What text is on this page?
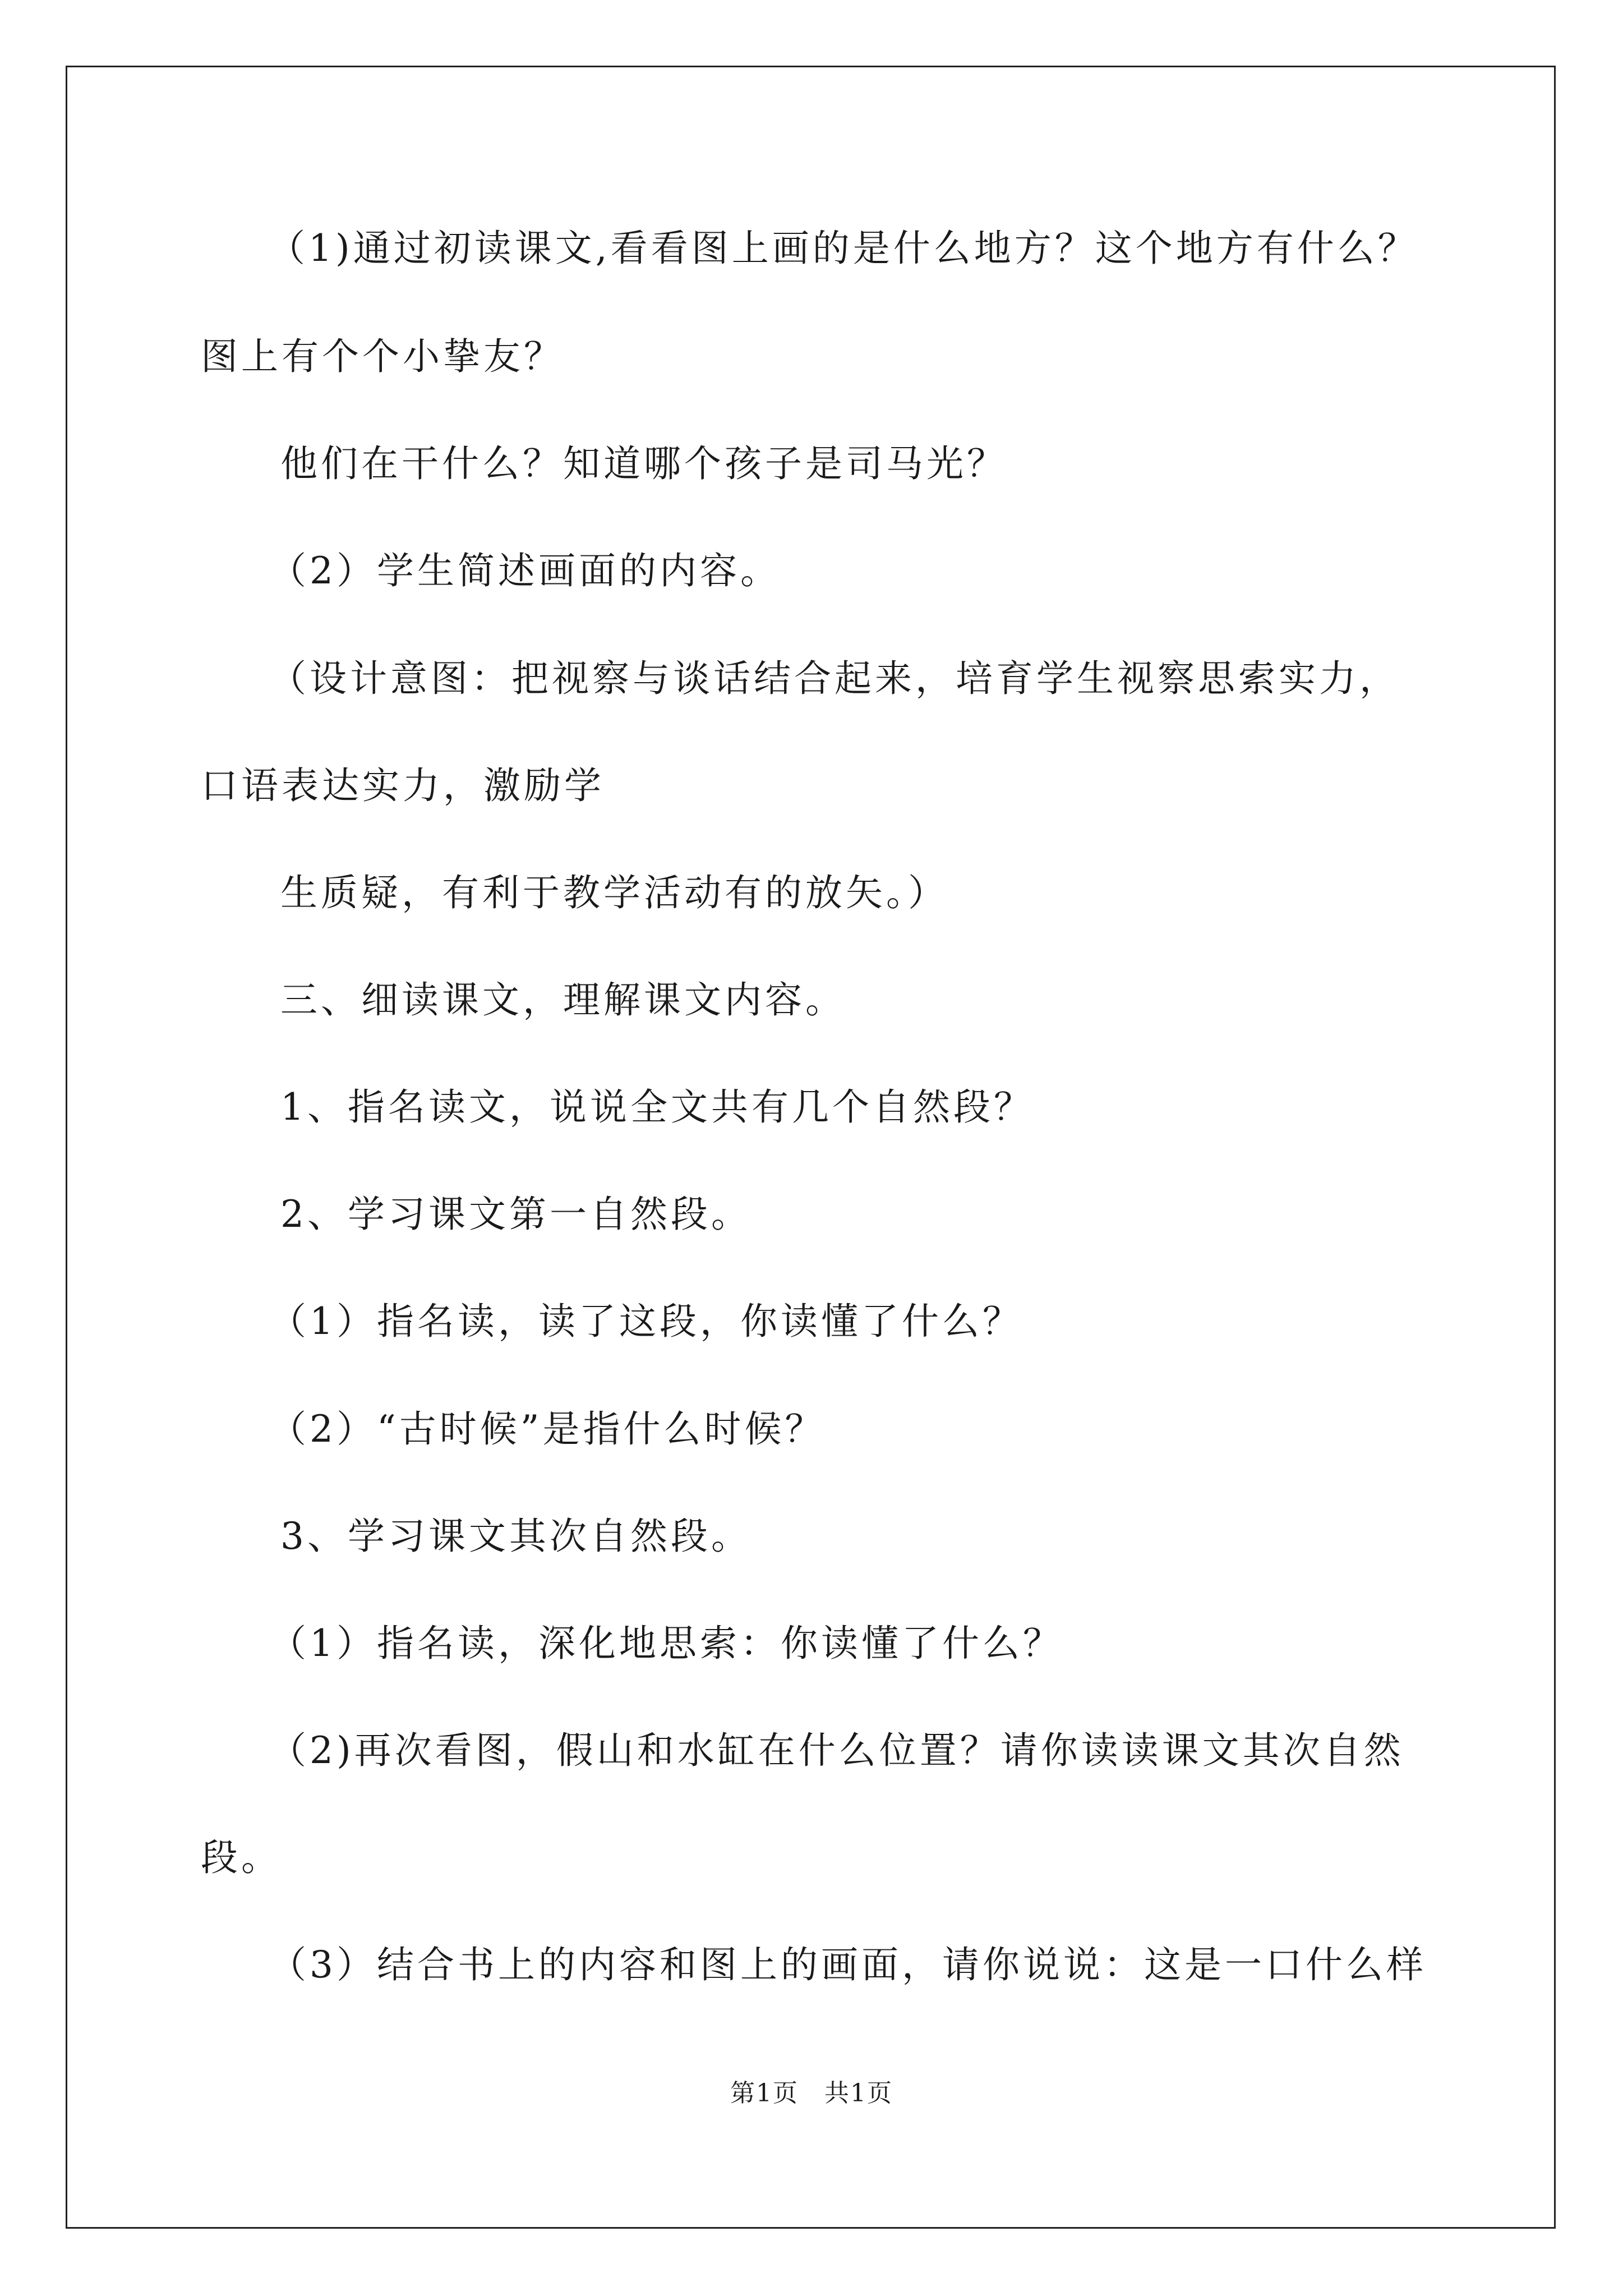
（1)通过初读课文,看看图上画的是什么地方？这个地方有什么？
图上有个个小挚友？
他们在干什么？知道哪个孩子是司马光？
（2）学生简述画面的内容。
（设计意图：把视察与谈话结合起来，培育学生视察思索实力，
口语表达实力，激励学
生质疑，有利于教学活动有的放矢。）
三、细读课文，理解课文内容。
1、指名读文，说说全文共有几个自然段？
2、学习课文第一自然段。
（1）指名读，读了这段，你读懂了什么？
（2）“古时候”是指什么时候？
3、学习课文其次自然段。
（1）指名读，深化地思索：你读懂了什么？
（2)再次看图，假山和水缸在什么位置？请你读读课文其次自然
段。
（3）结合书上的内容和图上的画面，请你说说：这是一口什么样
第1页　共1页
